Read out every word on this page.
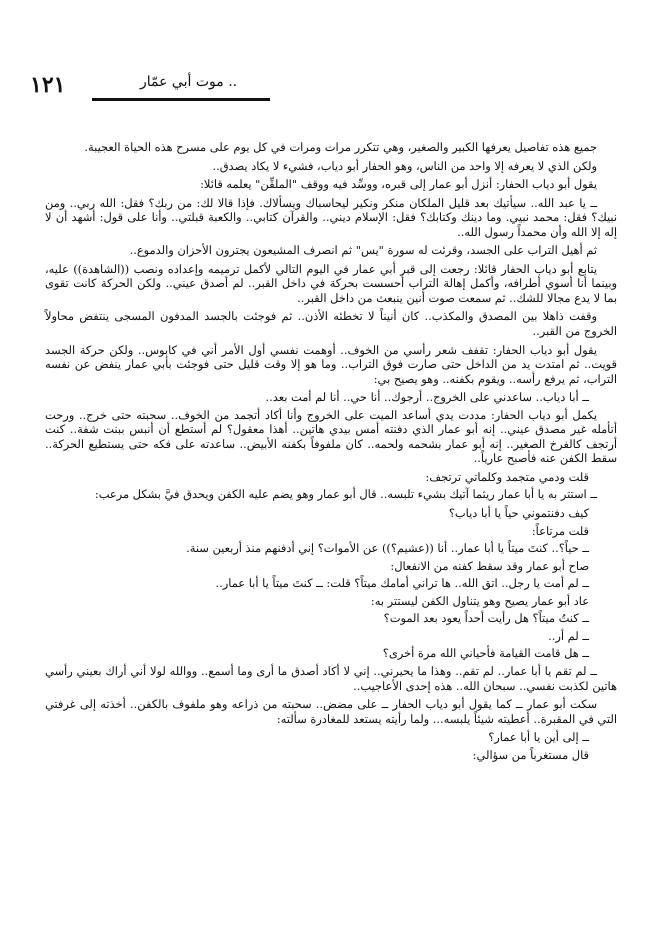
١٢١	موت أبي عمّار ..

جميع هذه تفاصيل يعرفها الكبير والصغير، وهي تتكرر مرات ومرات في كل يوم على مسرح هذه الحياة العجيبة.

ولكن الذي لا يعرفه إلا واحد من الناس، وهو الحفار أبو دياب، فشيء لا يكاد يصدق..

يقول أبو دياب الحفار: أنزل أبو عمار إلى قبره، ووسِّد فيه ووقف "الملقِّن" يعلمه قائلا:

ــ يا عبد الله.. سيأتيك بعد قليل الملكان منكر ونكير ليحاسباك ويسألاك. فإذا قالا لك: من ربك؟ فقل: الله ربي.. ومن نبيك؟ فقل: محمد نبيي. وما دينك وكتابك؟ فقل: الإسلام ديني.. والقرآن كتابي.. والكعبة قبلتي.. وأنا على قول: أشهد أن لا إله إلا الله وأن محمداً رسول الله..

ثم أهيل التراب على الجسد، وقرئت له سورة "يس" ثم انصرف المشيعون يجترون الأحزان والدموع..

يتابع أبو دياب الحفار قائلا: رجعت إلى قبر أبي عمار في اليوم التالي لأكمل ترميمه وإعداده ونصب ((الشاهدة)) عليه، وبينما أنا أسوي أطرافه، وأكمل إهالة التراب أحسست بحركة في داخل القبر.. لم أصدق عيني.. ولكن الحركة كانت تقوى بما لا يدع مجالا للشك.. ثم سمعت صوت أنين ينبعث من داخل القبر..

وقفت ذاهلا بين المصدق والمكذب.. كان أنيناً لا تخطئه الأذن.. ثم فوجئت بالجسد المدفون المسجى ينتفض محاولاً الخروج من القبر..

يقول أبو دياب الحفار: تقفف شعر رأسي من الخوف.. أوهمت نفسي أول الأمر أني في كابوس.. ولكن حركة الجسد قويت.. ثم امتدت يد من الداخل حتى صارت فوق التراب.. وما هو إلا وقت قليل حتى فوجئت بأبي عمار ينفض عن نفسه التراب، ثم يرفع رأسه.. ويقوم بكفنه.. وهو يصيح بي:

ــ أبا دياب.. ساعدني على الخروج.. أرجوك.. أنا حي.. أنا لم أمت بعد..

يكمل أبو دياب الحفار: مددت يدي أساعد الميت على الخروج وأنا أكاد أتجمد من الخوف.. سحبته حتى خرج.. ورحت أتأمله غير مصدق عيني.. إنه أبو عمار الذي دفنته أمس بيدي هاتين.. أهذا معقول؟ لم أستطع أن أنبس ببنت شفة.. كنت أرتجف كالفرخ الصغير.. إنه أبو عمار بشحمه ولحمه.. كان ملفوفاً بكفنه الأبيض.. ساعدته على فكه حتى يستطيع الحركة.. سقط الكفن عنه فأصبح عارياً..

قلت ودمي متجمد وكلماتي ترتجف:

ــ استتر به يا أبا عمار ريثما آتيك بشيء تلبسه.. قال أبو عمار وهو يضم عليه الكفن ويحدق فيَّ بشكل مرعب:

كيف دفنتموني حياً يا أبا دياب؟

قلت مرتاعاً:

ــ حياً؟.. كنتَ ميتاً يا أبا عمار.. أنا ((عشيم؟)) عن الأموات؟ إني أدفنهم منذ أربعين سنة.

صاح أبو عمار وقد سقط كفنه من الانفعال:

ــ لم أمت يا رجل.. اتق الله.. ها تراني أمامك ميتاً؟ قلت: ــ كنتَ ميتاً يا أبا عمار..

عاد أبو عمار يصيح وهو يتناول الكفن ليستتر به:

ــ كنتُ ميتاً؟ هل رأيت أحداً يعود بعد الموت؟

ــ لم أر..

ــ هل قامت القيامة فأحياني الله مرة أخرى؟

ــ لم تقم يا أبا عمار.. لم تقم.. وهذا ما يحيرني.. إني لا أكاد أصدق ما أرى وما أسمع.. ووالله لولا أني أراك بعيني رأسي هاتين لكذبت نفسي.. سبحان الله.. هذه إحدى الأعاجيب..

سكت أبو عمار ــ كما يقول أبو دياب الحفار ــ على مضض.. سحبته من ذراعه وهو ملفوف بالكفن.. أخذته إلى غرفتي التي في المقبرة.. أعطيته شيئاً يلبسه... ولما رأيته يستعد للمغادرة سألته:

ــ إلى أين يا أبا عمار؟

قال مستغرباً من سؤالي:
